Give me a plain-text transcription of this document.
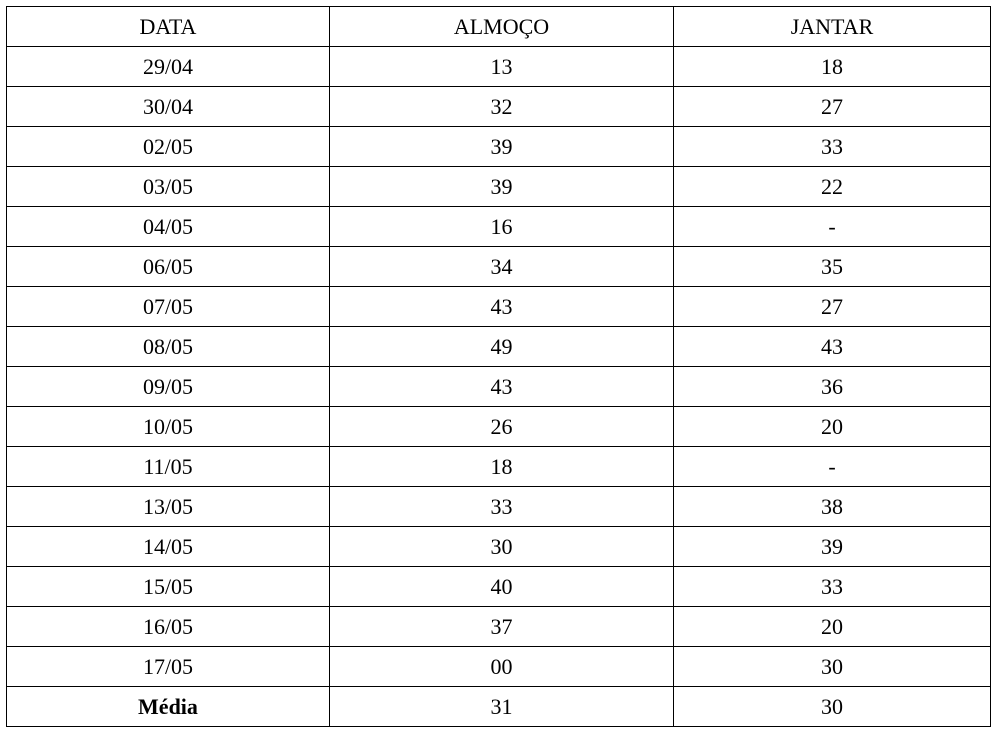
DATA	ALMOÇO	JANTAR
29/04	13	18
30/04	32	27
02/05	39	33
03/05	39	22
04/05	16	-
06/05	34	35
07/05	43	27
08/05	49	43
09/05	43	36
10/05	26	20
11/05	18	-
13/05	33	38
14/05	30	39
15/05	40	33
16/05	37	20
17/05	00	30
Média	31	30
